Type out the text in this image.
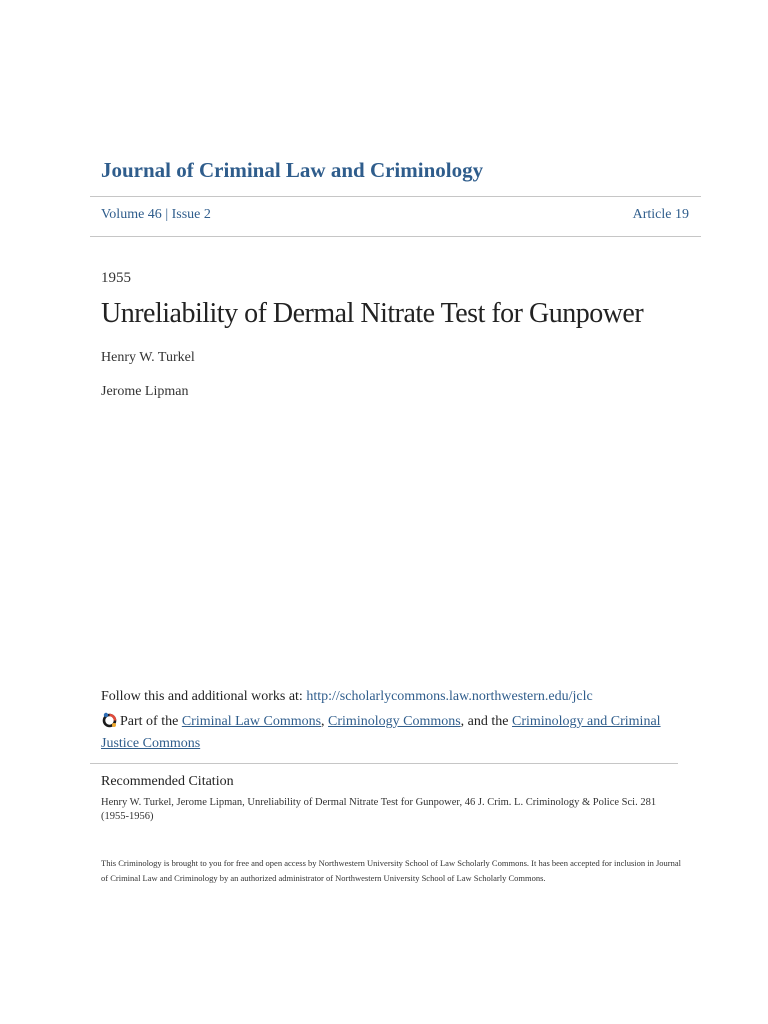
Journal of Criminal Law and Criminology
Volume 46 | Issue 2	Article 19
1955
Unreliability of Dermal Nitrate Test for Gunpower
Henry W. Turkel
Jerome Lipman
Follow this and additional works at: http://scholarlycommons.law.northwestern.edu/jclc
Part of the Criminal Law Commons, Criminology Commons, and the Criminology and Criminal Justice Commons
Recommended Citation
Henry W. Turkel, Jerome Lipman, Unreliability of Dermal Nitrate Test for Gunpower, 46 J. Crim. L. Criminology & Police Sci. 281 (1955-1956)
This Criminology is brought to you for free and open access by Northwestern University School of Law Scholarly Commons. It has been accepted for inclusion in Journal of Criminal Law and Criminology by an authorized administrator of Northwestern University School of Law Scholarly Commons.
